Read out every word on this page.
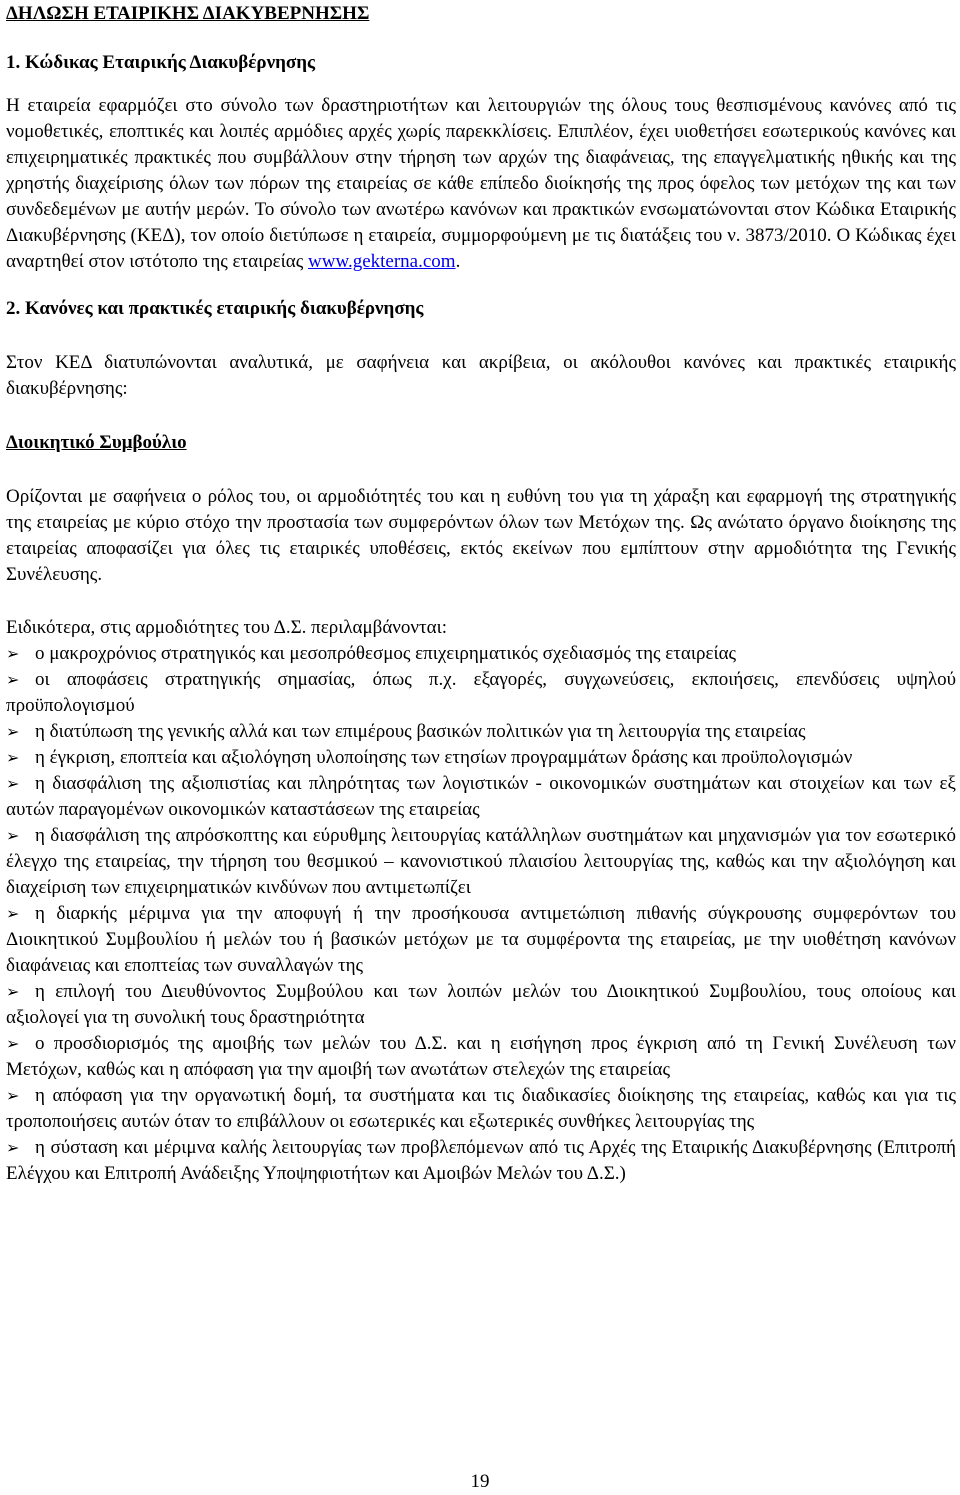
ΔΗΛΩΣΗ ΕΤΑΙΡΙΚΗΣ ΔΙΑΚΥΒΕΡΝΗΣΗΣ

1. Κώδικας Εταιρικής Διακυβέρνησης

Η εταιρεία εφαρμόζει στο σύνολο των δραστηριοτήτων και λειτουργιών της όλους τους θεσπισμένους κανόνες από τις νομοθετικές, εποπτικές και λοιπές αρμόδιες αρχές χωρίς παρεκκλίσεις. Επιπλέον, έχει υιοθετήσει εσωτερικούς κανόνες και επιχειρηματικές πρακτικές που συμβάλλουν στην τήρηση των αρχών της διαφάνειας, της επαγγελματικής ηθικής και της χρηστής διαχείρισης όλων των πόρων της εταιρείας σε κάθε επίπεδο διοίκησής της προς όφελος των μετόχων της και των συνδεδεμένων με αυτήν μερών. Το σύνολο των ανωτέρω κανόνων και πρακτικών ενσωματώνονται στον Κώδικα Εταιρικής Διακυβέρνησης (ΚΕΔ), τον οποίο διετύπωσε η εταιρεία, συμμορφούμενη με τις διατάξεις του ν. 3873/2010. Ο Κώδικας έχει αναρτηθεί στον ιστότοπο της εταιρείας www.gekterna.com.

2. Κανόνες και πρακτικές εταιρικής διακυβέρνησης

Στον ΚΕΔ διατυπώνονται αναλυτικά, με σαφήνεια και ακρίβεια, οι ακόλουθοι κανόνες και πρακτικές εταιρικής διακυβέρνησης:

Διοικητικό Συμβούλιο

Ορίζονται με σαφήνεια ο ρόλος του, οι αρμοδιότητές του και η ευθύνη του για τη χάραξη και εφαρμογή της στρατηγικής της εταιρείας με κύριο στόχο την προστασία των συμφερόντων όλων των Μετόχων της. Ως ανώτατο όργανο διοίκησης της εταιρείας αποφασίζει για όλες τις εταιρικές υποθέσεις, εκτός εκείνων που εμπίπτουν στην αρμοδιότητα της Γενικής Συνέλευσης.

Ειδικότερα, στις αρμοδιότητες του Δ.Σ. περιλαμβάνονται:

➢ ο μακροχρόνιος στρατηγικός και μεσοπρόθεσμος επιχειρηματικός σχεδιασμός της εταιρείας
➢ οι αποφάσεις στρατηγικής σημασίας, όπως π.χ. εξαγορές, συγχωνεύσεις, εκποιήσεις, επενδύσεις υψηλού προϋπολογισμού
➢ η διατύπωση της γενικής αλλά και των επιμέρους βασικών πολιτικών για τη λειτουργία της εταιρείας
➢ η έγκριση, εποπτεία και αξιολόγηση υλοποίησης των ετησίων προγραμμάτων δράσης και προϋπολογισμών
➢ η διασφάλιση της αξιοπιστίας και πληρότητας των λογιστικών - οικονομικών συστημάτων και στοιχείων και των εξ αυτών παραγομένων οικονομικών καταστάσεων της εταιρείας
➢ η διασφάλιση της απρόσκοπτης και εύρυθμης λειτουργίας κατάλληλων συστημάτων και μηχανισμών για τον εσωτερικό έλεγχο της εταιρείας, την τήρηση του θεσμικού – κανονιστικού πλαισίου λειτουργίας της, καθώς και την αξιολόγηση και διαχείριση των επιχειρηματικών κινδύνων που αντιμετωπίζει
➢ η διαρκής μέριμνα για την αποφυγή ή την προσήκουσα αντιμετώπιση πιθανής σύγκρουσης συμφερόντων του Διοικητικού Συμβουλίου ή μελών του ή βασικών μετόχων με τα συμφέροντα της εταιρείας, με την υιοθέτηση κανόνων διαφάνειας και εποπτείας των συναλλαγών της
➢ η επιλογή του Διευθύνοντος Συμβούλου και των λοιπών μελών του Διοικητικού Συμβουλίου, τους οποίους και αξιολογεί για τη συνολική τους δραστηριότητα
➢ ο προσδιορισμός της αμοιβής των μελών του Δ.Σ. και η εισήγηση προς έγκριση από τη Γενική Συνέλευση των Μετόχων, καθώς και η απόφαση για την αμοιβή των ανωτάτων στελεχών της εταιρείας
➢ η απόφαση για την οργανωτική δομή, τα συστήματα και τις διαδικασίες διοίκησης της εταιρείας, καθώς και για τις τροποποιήσεις αυτών όταν το επιβάλλουν οι εσωτερικές και εξωτερικές συνθήκες λειτουργίας της
➢ η σύσταση και μέριμνα καλής λειτουργίας των προβλεπόμενων από τις Αρχές της Εταιρικής Διακυβέρνησης (Επιτροπή Ελέγχου και Επιτροπή Ανάδειξης Υποψηφιοτήτων και Αμοιβών Μελών του Δ.Σ.)
19
